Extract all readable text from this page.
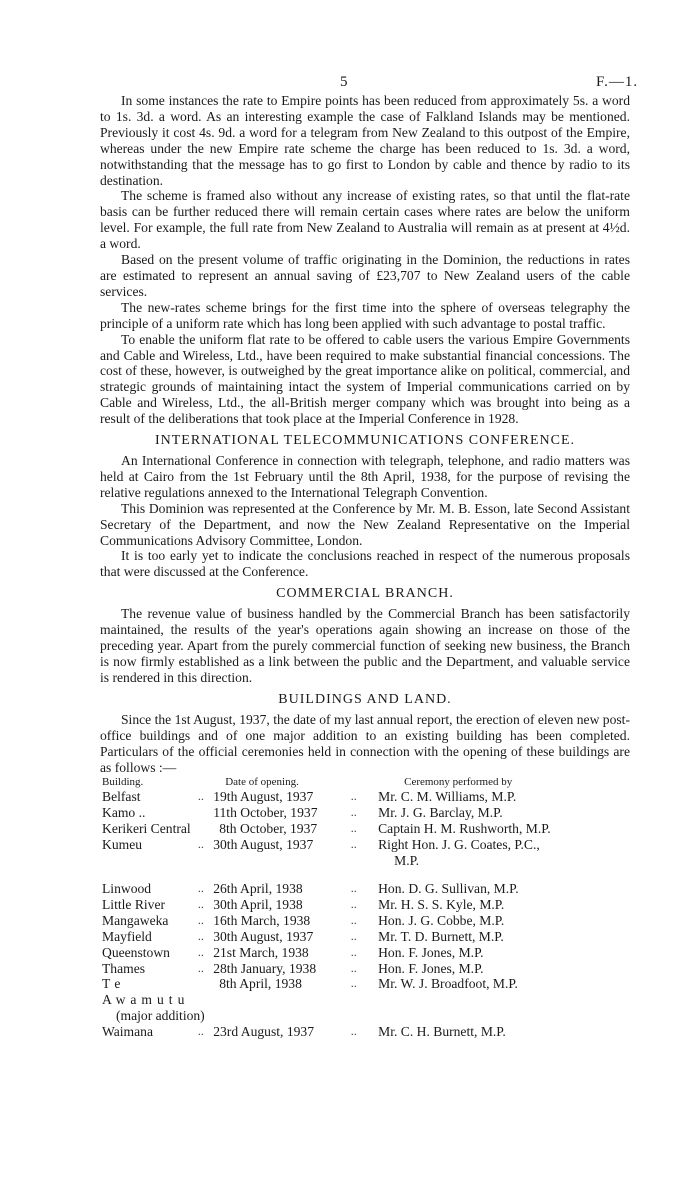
5	F.—1.

In some instances the rate to Empire points has been reduced from approximately 5s. a word to 1s. 3d. a word. As an interesting example the case of Falkland Islands may be mentioned. Previously it cost 4s. 9d. a word for a telegram from New Zealand to this outpost of the Empire, whereas under the new Empire rate scheme the charge has been reduced to 1s. 3d. a word, notwithstanding that the message has to go first to London by cable and thence by radio to its destination.

The scheme is framed also without any increase of existing rates, so that until the flat-rate basis can be further reduced there will remain certain cases where rates are below the uniform level. For example, the full rate from New Zealand to Australia will remain as at present at 4½d. a word.

Based on the present volume of traffic originating in the Dominion, the reductions in rates are estimated to represent an annual saving of £23,707 to New Zealand users of the cable services.

The new-rates scheme brings for the first time into the sphere of overseas telegraphy the principle of a uniform rate which has long been applied with such advantage to postal traffic.

To enable the uniform flat rate to be offered to cable users the various Empire Governments and Cable and Wireless, Ltd., have been required to make substantial financial concessions. The cost of these, however, is outweighed by the great importance alike on political, commercial, and strategic grounds of maintaining intact the system of Imperial communications carried on by Cable and Wireless, Ltd., the all-British merger company which was brought into being as a result of the deliberations that took place at the Imperial Conference in 1928.

INTERNATIONAL TELECOMMUNICATIONS CONFERENCE.

An International Conference in connection with telegraph, telephone, and radio matters was held at Cairo from the 1st February until the 8th April, 1938, for the purpose of revising the relative regulations annexed to the International Telegraph Convention.

This Dominion was represented at the Conference by Mr. M. B. Esson, late Second Assistant Secretary of the Department, and now the New Zealand Representative on the Imperial Communications Advisory Committee, London.

It is too early yet to indicate the conclusions reached in respect of the numerous proposals that were discussed at the Conference.

COMMERCIAL BRANCH.

The revenue value of business handled by the Commercial Branch has been satisfactorily maintained, the results of the year's operations again showing an increase on those of the preceding year. Apart from the purely commercial function of seeking new business, the Branch is now firmly established as a link between the public and the Department, and valuable service is rendered in this direction.

BUILDINGS AND LAND.

Since the 1st August, 1937, the date of my last annual report, the erection of eleven new post-office buildings and of one major addition to an existing building has been completed. Particulars of the official ceremonies held in connection with the opening of these buildings are as follows :—

Building.		Date of opening.		Ceremony performed by
Belfast	..	19th August, 1937	..	Mr. C. M. Williams, M.P.
Kamo ..		11th October, 1937	..	Mr. J. G. Barclay, M.P.
Kerikeri Central		8th October, 1937	..	Captain H. M. Rushworth, M.P.
Kumeu	..	30th August, 1937	..	Right Hon. J. G. Coates, P.C.,
M.P.

Linwood	..	26th April, 1938	..	Hon. D. G. Sullivan, M.P.
Little River	..	30th April, 1938	..	Mr. H. S. S. Kyle, M.P.
Mangaweka	..	16th March, 1938	..	Hon. J. G. Cobbe, M.P.
Mayfield	..	30th August, 1937	..	Mr. T. D. Burnett, M.P.
Queenstown	..	21st March, 1938	..	Hon. F. Jones, M.P.
Thames	..	28th January, 1938	..	Hon. F. Jones, M.P.
Te Awamutu
(major addition)		8th April, 1938	..	Mr. W. J. Broadfoot, M.P.
Waimana	..	23rd August, 1937	..	Mr. C. H. Burnett, M.P.
